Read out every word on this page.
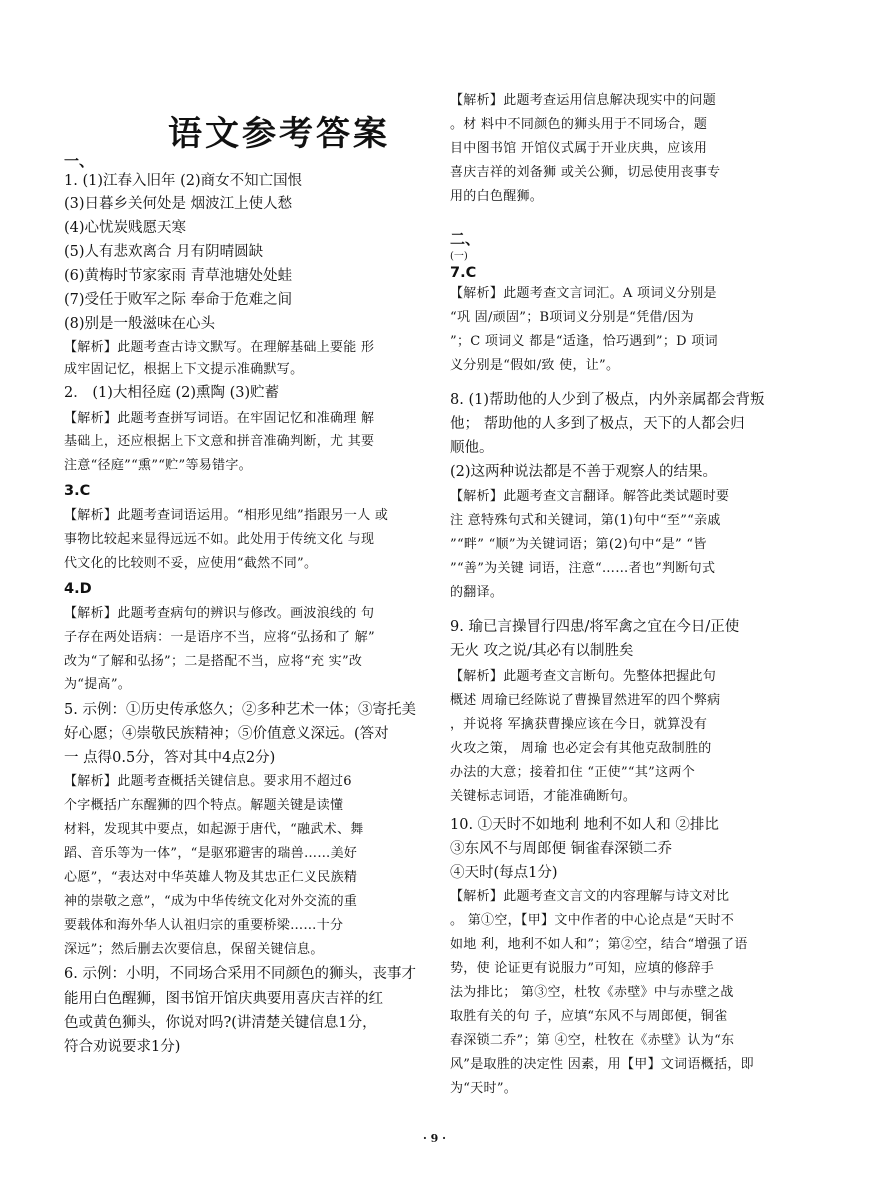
语文参考答案
一、
1. (1)江春入旧年 (2)商女不知亡国恨
(3)日暮乡关何处是 烟波江上使人愁
(4)心忧炭贱愿天寒
(5)人有悲欢离合 月有阴晴圆缺
(6)黄梅时节家家雨 青草池塘处处蛙
(7)受任于败军之际 奉命于危难之间
(8)别是一般滋味在心头
【解析】此题考查古诗文默写。在理解基础上要能 形
成牢固记忆，根据上下文提示准确默写。
2． (1)大相径庭 (2)熏陶 (3)贮蓄
【解析】此题考查拼写词语。在牢固记忆和准确理 解
基础上，还应根据上下文意和拼音准确判断，尤 其要
注意“径庭”“熏”“贮”等易错字。
3.C
【解析】此题考查词语运用。“相形见绌”指跟另一人 或
事物比较起来显得远远不如。此处用于传统文化 与现
代文化的比较则不妥，应使用“截然不同”。
4.D
【解析】此题考查病句的辨识与修改。画波浪线的 句
子存在两处语病：一是语序不当，应将“弘扬和了 解”
改为“了解和弘扬”；二是搭配不当，应将“充 实”改
为“提高”。
5. 示例：①历史传承悠久；②多种艺术一体；③寄托美
好心愿；④崇敬民族精神；⑤价值意义深远。(答对
一 点得0.5分，答对其中4点2分)
【解析】此题考查概括关键信息。要求用不超过6
个字概括广东醒狮的四个特点。解题关键是读懂
材料，发现其中要点，如起源于唐代，“融武术、舞
蹈、音乐等为一体”，“是驱邪避害的瑞兽……美好
心愿”，“表达对中华英雄人物及其忠正仁义民族精
神的崇敬之意”，“成为中华传统文化对外交流的重
要载体和海外华人认祖归宗的重要桥梁……十分
深远”；然后删去次要信息，保留关键信息。
6. 示例：小明，不同场合采用不同颜色的狮头，丧事才
能用白色醒狮，图书馆开馆庆典要用喜庆吉祥的红
色或黄色狮头，你说对吗?(讲清楚关键信息1分，
符合劝说要求1分)
【解析】此题考查运用信息解决现实中的问题
。材 料中不同颜色的狮头用于不同场合，题
目中图书馆 开馆仪式属于开业庆典，应该用
喜庆吉祥的刘备狮 或关公狮，切忌使用丧事专
用的白色醒狮。
二、
(一)
7.C
【解析】此题考查文言词汇。A 项词义分别是
“巩 固/顽固”；B项词义分别是“凭借/因为
”；C 项词义 都是“适逢，恰巧遇到”；D 项词
义分别是“假如/致 使，让”。
8. (1)帮助他的人少到了极点，内外亲属都会背叛
他； 帮助他的人多到了极点，天下的人都会归
顺他。
(2)这两种说法都是不善于观察人的结果。
【解析】此题考查文言翻译。解答此类试题时要
注 意特殊句式和关键词，第(1)句中“至”“亲戚
”“畔” “顺”为关键词语；第(2)句中“是” “皆
”“善”为关键 词语，注意“……者也”判断句式
的翻译。
9. 瑜已言操冒行四患/将军禽之宜在今日/正使
无火 攻之说/其必有以制胜矣
【解析】此题考查文言断句。先整体把握此句
概述 周瑜已经陈说了曹操冒然进军的四个弊病
，并说将 军擒获曹操应该在今日，就算没有
火攻之策， 周瑜 也必定会有其他克敌制胜的
办法的大意；接着扣住 “正使”“其”这两个
关键标志词语，才能准确断句。
10. ①天时不如地利 地利不如人和 ②排比
③东风不与周郎便 铜雀春深锁二乔
④天时(每点1分)
【解析】此题考查文言文的内容理解与诗文对比
。 第①空，【甲】文中作者的中心论点是“天时不
如地 利，地利不如人和”；第②空，结合“增强了语
势，使 论证更有说服力”可知，应填的修辞手
法为排比； 第③空，杜牧《赤壁》中与赤壁之战
取胜有关的句 子，应填“东风不与周郎便，铜雀
春深锁二乔”；第 ④空，杜牧在《赤壁》认为“东
风”是取胜的决定性 因素，用【甲】文词语概括，即
为“天时”。
· 9 ·
